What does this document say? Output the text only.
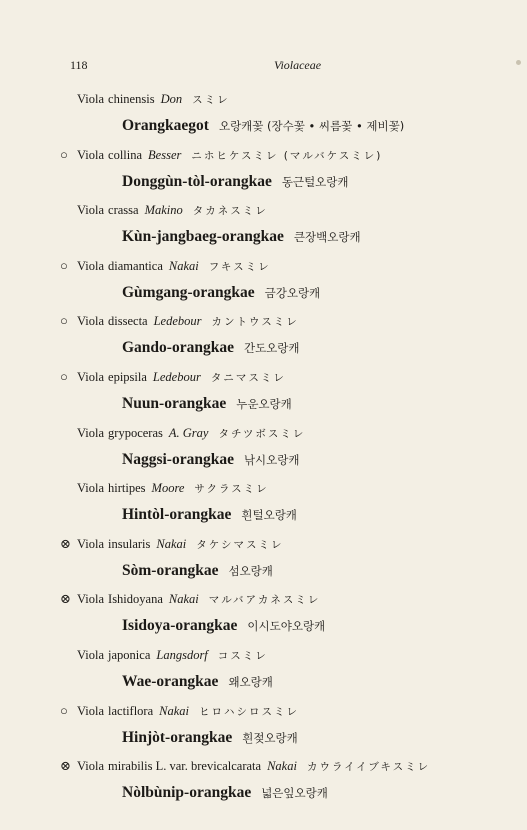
118	Violaceae
Viola chinensis Don スミレ
Orangkaegot 오랑캐꽃 (장수꽃 • 씨름꽃 • 제비꽃)
○ Viola collina Besser ニホヒケスミレ (マルバケスミレ)
Donggùn-tòl-orangkae 동근털오랑캐
Viola crassa Makino タカネスミレ
Kùn-jangbaeg-orangkae 큰장백오랑캐
○ Viola diamantica Nakai フキスミレ
Gùmgang-orangkae 금강오랑캐
○ Viola dissecta Ledebour カントウスミレ
Gando-orangkae 간도오랑캐
○ Viola epipsila Ledebour タニマスミレ
Nuun-orangkae 누운오랑캐
Viola grypoceras A. Gray タチツボスミレ
Naggsi-orangkae 낚시오랑캐
Viola hirtipes Moore サクラスミレ
Hintòl-orangkae 흰털오랑캐
⊗ Viola insularis Nakai タケシマスミレ
Sòm-orangkae 섬오랑캐
⊗ Viola Ishidoyana Nakai マルバアカネスミレ
Isidoya-orangkae 이시도야오랑캐
Viola japonica Langsdorf コスミレ
Wae-orangkae 왜오랑캐
○ Viola lactiflora Nakai ヒロハシロスミレ
Hinjòt-orangkae 흰젖오랑캐
⊗ Viola mirabilis L. var. brevicalcarata Nakai カウライイブキスミレ
Nòlbùnip-orangkae 넓은잎오랑캐
